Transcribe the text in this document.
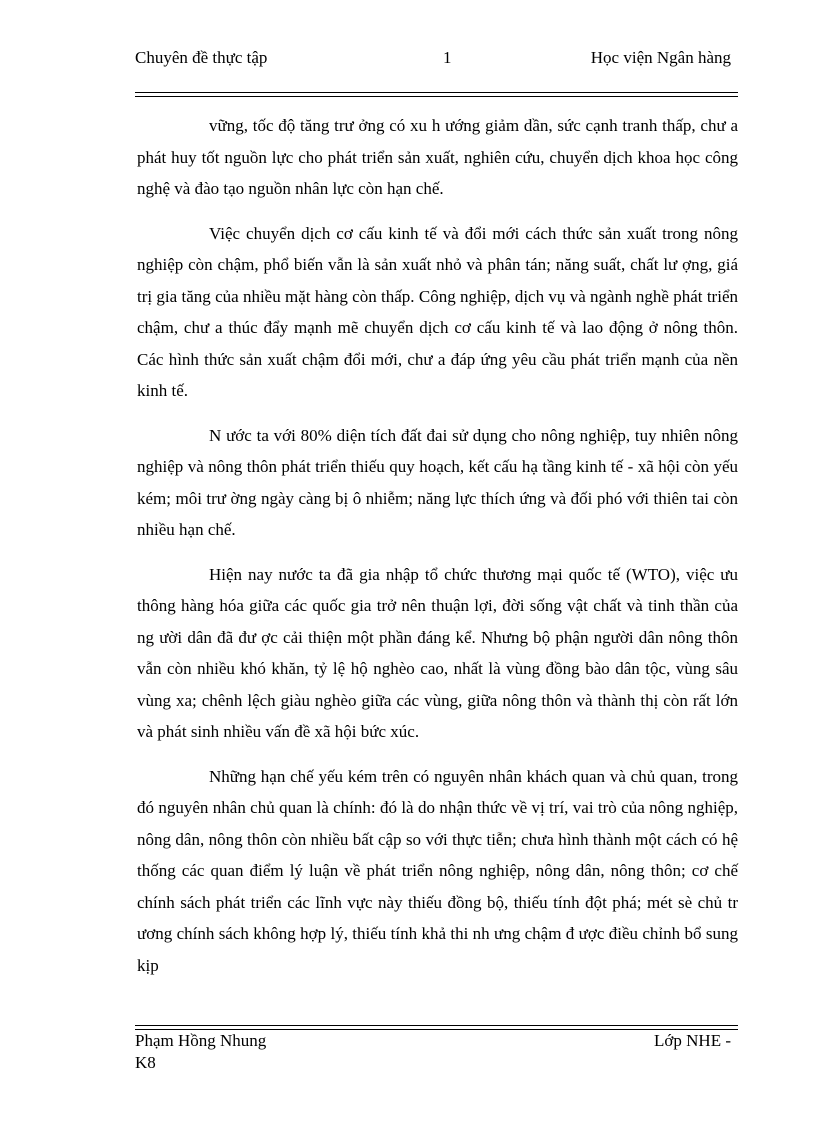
Chuyên đề thực tập	1	Học viện Ngân hàng

vững, tốc độ tăng trư ởng có xu h ướng giảm dần, sức cạnh tranh thấp, chư a phát huy tốt nguồn lực cho phát triển sản xuất, nghiên cứu, chuyển dịch khoa học công nghệ và đào tạo nguồn nhân lực còn hạn chế.

Việc chuyển dịch cơ cấu kinh tế và đổi mới cách thức sản xuất trong nông nghiệp còn chậm, phổ biến vẫn là sản xuất nhỏ và phân tán; năng suất, chất lư ợng, giá trị gia tăng của nhiều mặt hàng còn thấp. Công nghiệp, dịch vụ và ngành nghề phát triển chậm, chư a thúc đẩy mạnh mẽ chuyển dịch cơ cấu kinh tế và lao động ở nông thôn. Các hình thức sản xuất chậm đổi mới, chư a đáp ứng yêu cầu phát triển mạnh của nền kinh tế.

N ước ta với 80% diện tích đất đai sử dụng cho nông nghiệp, tuy nhiên nông nghiệp và nông thôn phát triển thiếu quy hoạch, kết cấu hạ tầng kinh tế - xã hội còn yếu kém; môi trư ờng ngày càng bị ô nhiễm; năng lực thích ứng và đối phó với thiên tai còn nhiều hạn chế.

Hiện nay nước ta đã gia nhập tổ chức thương mại quốc tế (WTO), việc ưu thông hàng hóa giữa các quốc gia trở nên thuận lợi, đời sống vật chất và tinh thần của ng ười dân đã đư ợc cải thiện một phần đáng kể. Nhưng bộ phận người dân nông thôn vẫn còn nhiều khó khăn, tỷ lệ hộ nghèo cao, nhất là vùng đồng bào dân tộc, vùng sâu vùng xa; chênh lệch giàu nghèo giữa các vùng, giữa nông thôn và thành thị còn rất lớn và phát sinh nhiều vấn đề xã hội bức xúc.

Những hạn chế yếu kém trên có nguyên nhân khách quan và chủ quan, trong đó nguyên nhân chủ quan là chính: đó là do nhận thức về vị trí, vai trò của nông nghiệp, nông dân, nông thôn còn nhiều bất cập so với thực tiễn; chưa hình thành một cách có hệ thống các quan điểm lý luận về phát triển nông nghiệp, nông dân, nông thôn; cơ chế chính sách phát triển các lĩnh vực này thiếu đồng bộ, thiếu tính đột phá; mét sè chủ tr ương chính sách không hợp lý, thiếu tính khả thi nh ưng chậm đ ược điều chỉnh bổ sung kịp

Phạm Hồng Nhung	Lớp NHE -
K8
